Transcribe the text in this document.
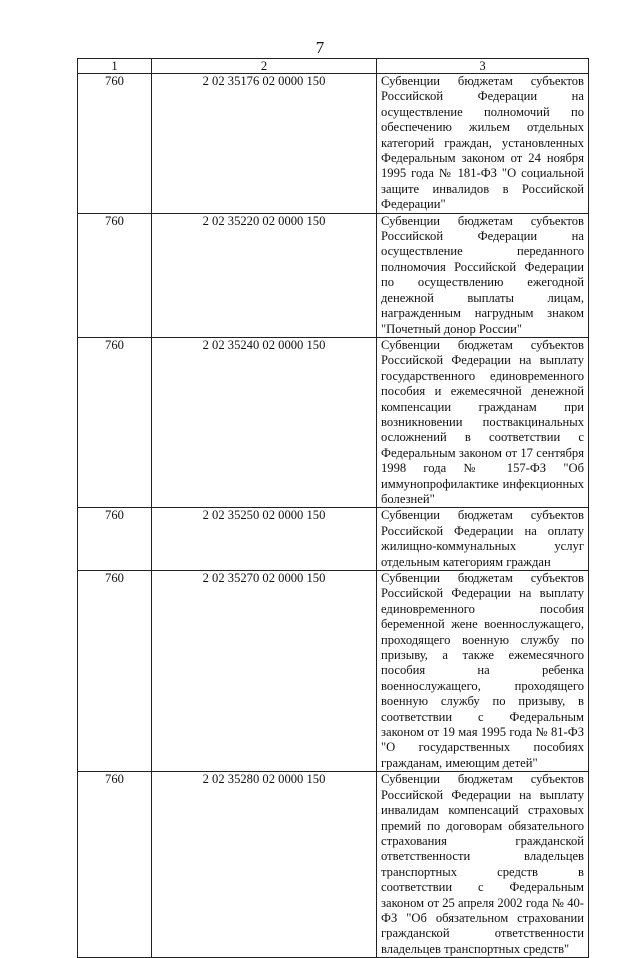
7
1	2	3
760	2 02 35176 02 0000 150	Субвенции бюджетам субъектов Российской Федерации на осуществление полномочий по обеспечению жильем отдельных категорий граждан, установленных Федеральным законом от 24 ноября 1995 года № 181-ФЗ "О социальной защите инвалидов в Российской Федерации"
760	2 02 35220 02 0000 150	Субвенции бюджетам субъектов Российской Федерации на осуществление переданного полномочия Российской Федерации по осуществлению ежегодной денежной выплаты лицам, награжденным нагрудным знаком "Почетный донор России"
760	2 02 35240 02 0000 150	Субвенции бюджетам субъектов Российской Федерации на выплату государственного единовременного пособия и ежемесячной денежной компенсации гражданам при возникновении поствакцинальных осложнений в соответствии с Федеральным законом от 17 сентября 1998 года № 157-ФЗ "Об иммунопрофилактике инфекционных болезней"
760	2 02 35250 02 0000 150	Субвенции бюджетам субъектов Российской Федерации на оплату жилищно-коммунальных услуг отдельным категориям граждан
760	2 02 35270 02 0000 150	Субвенции бюджетам субъектов Российской Федерации на выплату единовременного пособия беременной жене военнослужащего, проходящего военную службу по призыву, а также ежемесячного пособия на ребенка военнослужащего, проходящего военную службу по призыву, в соответствии с Федеральным законом от 19 мая 1995 года № 81-ФЗ "О государственных пособиях гражданам, имеющим детей"
760	2 02 35280 02 0000 150	Субвенции бюджетам субъектов Российской Федерации на выплату инвалидам компенсаций страховых премий по договорам обязательного страхования гражданской ответственности владельцев транспортных средств в соответствии с Федеральным законом от 25 апреля 2002 года № 40-ФЗ "Об обязательном страховании гражданской ответственности владельцев транспортных средств"
